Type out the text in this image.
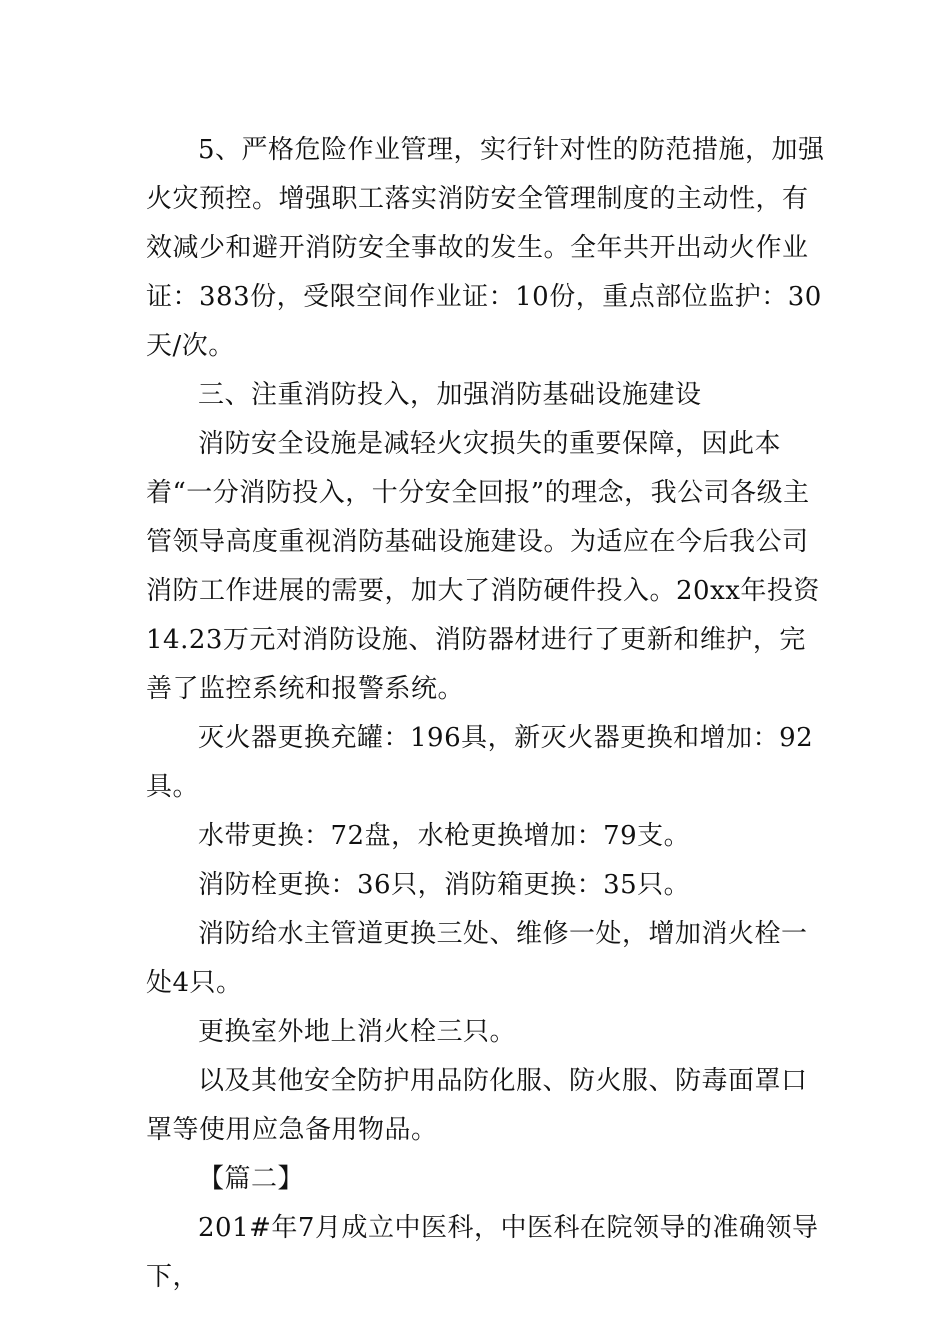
5、严格危险作业管理，实行针对性的防范措施，加强火灾预控。增强职工落实消防安全管理制度的主动性，有效减少和避开消防安全事故的发生。全年共开出动火作业证：383份，受限空间作业证：10份，重点部位监护：30天/次。

三、注重消防投入，加强消防基础设施建设

消防安全设施是减轻火灾损失的重要保障，因此本着“一分消防投入，十分安全回报”的理念，我公司各级主管领导高度重视消防基础设施建设。为适应在今后我公司消防工作进展的需要，加大了消防硬件投入。20xx年投资14.23万元对消防设施、消防器材进行了更新和维护，完善了监控系统和报警系统。

灭火器更换充罐：196具，新灭火器更换和增加：92具。

水带更换：72盘，水枪更换增加：79支。

消防栓更换：36只，消防箱更换：35只。

消防给水主管道更换三处、维修一处，增加消火栓一处4只。

更换室外地上消火栓三只。

以及其他安全防护用品防化服、防火服、防毒面罩口罩等使用应急备用物品。

【篇二】

201#年7月成立中医科，中医科在院领导的准确领导下，
